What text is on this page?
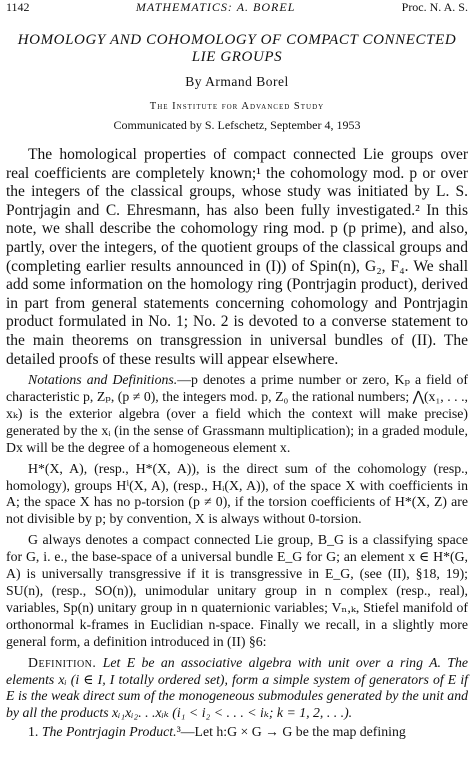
1142	MATHEMATICS: A. BOREL	Proc. N. A. S.
HOMOLOGY AND COHOMOLOGY OF COMPACT CONNECTED
LIE GROUPS
By Armand Borel
The Institute for Advanced Study
Communicated by S. Lefschetz, September 4, 1953

The homological properties of compact connected Lie groups over real coefficients are completely known;¹ the cohomology mod. p or over the integers of the classical groups, whose study was initiated by L. S. Pontrjagin and C. Ehresmann, has also been fully investigated.² In this note, we shall describe the cohomology ring mod. p (p prime), and also, partly, over the integers, of the quotient groups of the classical groups and (completing earlier results announced in (I)) of Spin(n), G₂, F₄. We shall add some information on the homology ring (Pontrjagin product), derived in part from general statements concerning cohomology and Pontrjagin product formulated in No. 1; No. 2 is devoted to a converse statement to the main theorems on transgression in universal bundles of (II). The detailed proofs of these results will appear elsewhere.

Notations and Definitions.—p denotes a prime number or zero, Kₚ a field of characteristic p, Zₚ, (p ≠ 0), the integers mod. p, Z₀ the rational numbers; ⋀(x₁, . . ., xₖ) is the exterior algebra (over a field which the context will make precise) generated by the xᵢ (in the sense of Grassmann multiplication); in a graded module, Dx will be the degree of a homogeneous element x.

H*(X, A), (resp., H*(X, A)), is the direct sum of the cohomology (resp., homology), groups Hⁱ(X, A), (resp., Hᵢ(X, A)), of the space X with coefficients in A; the space X has no p-torsion (p ≠ 0), if the torsion coefficients of H*(X, Z) are not divisible by p; by convention, X is always without 0-torsion.

G always denotes a compact connected Lie group, B_G is a classifying space for G, i. e., the base-space of a universal bundle E_G for G; an element x ∈ H*(G, A) is universally transgressive if it is transgressive in E_G, (see (II), §18, 19); SU(n), (resp., SO(n)), unimodular unitary group in n complex (resp., real), variables, Sp(n) unitary group in n quaternionic variables; Vₙ,ₖ, Stiefel manifold of orthonormal k-frames in Euclidian n-space. Finally we recall, in a slightly more general form, a definition introduced in (II) §6:

Definition. Let E be an associative algebra with unit over a ring A. The elements xᵢ (i ∈ I, I totally ordered set), form a simple system of generators of E if E is the weak direct sum of the monogeneous submodules generated by the unit and by all the products xᵢ₁xᵢ₂. . .xᵢₖ (i₁ < i₂ < . . . < iₖ; k = 1, 2, . . .).

1. The Pontrjagin Product.³—Let h:G × G → G be the map defining
